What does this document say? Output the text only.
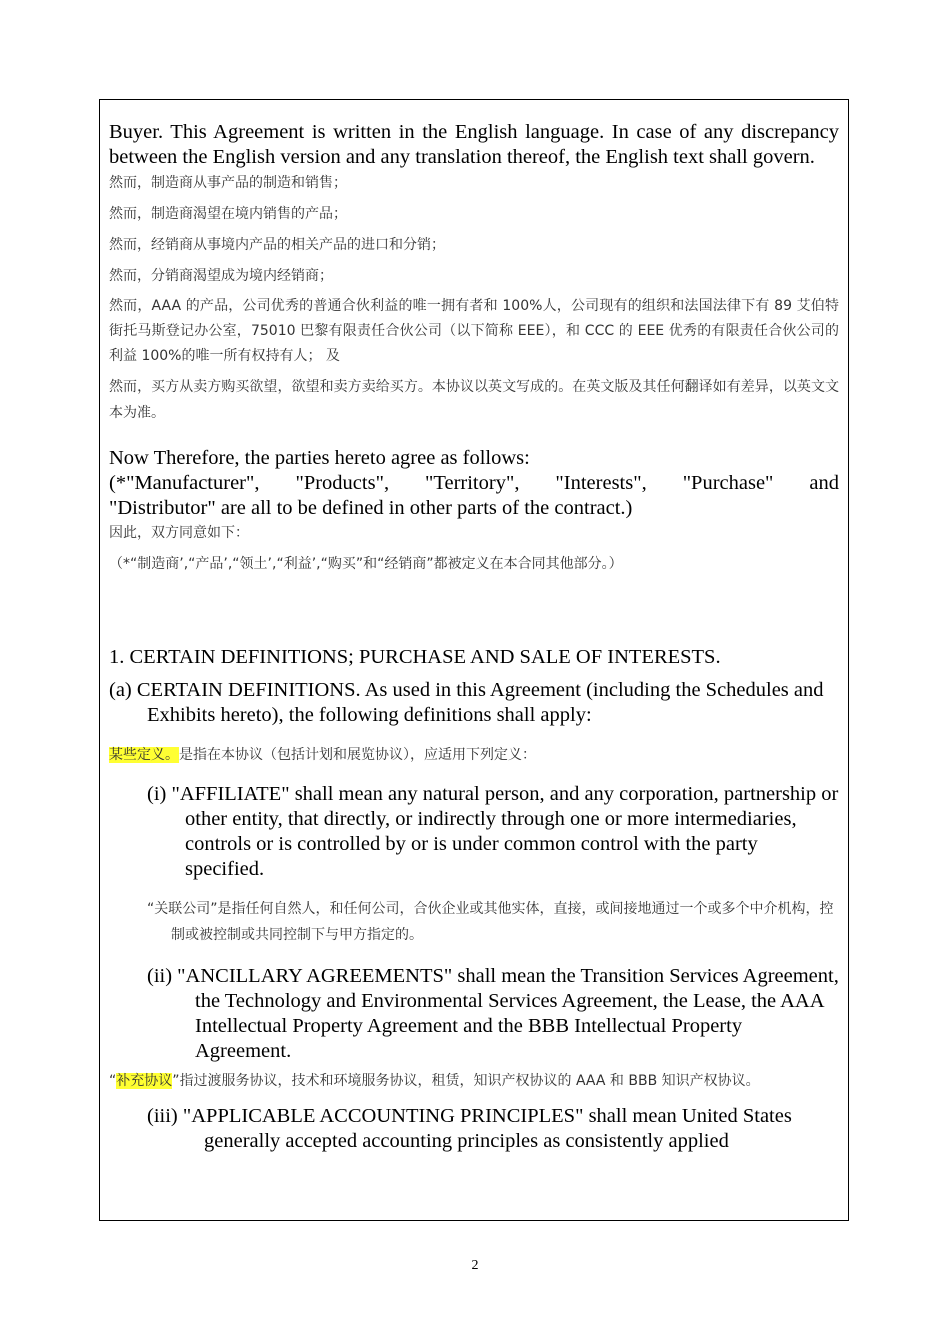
Buyer. This Agreement is written in the English language. In case of any discrepancy between the English version and any translation thereof, the English text shall govern.

然而，制造商从事产品的制造和销售；

然而，制造商渴望在境内销售的产品；

然而，经销商从事境内产品的相关产品的进口和分销；

然而，分销商渴望成为境内经销商；

然而，AAA 的产品，公司优秀的普通合伙利益的唯一拥有者和 100%人，公司现有的组织和法国法律下有 89 艾伯特街托马斯登记办公室，75010 巴黎有限责任合伙公司（以下简称 EEE），和 CCC 的 EEE 优秀的有限责任合伙公司的利益 100%的唯一所有权持有人； 及

然而，买方从卖方购买欲望，欲望和卖方卖给买方。本协议以英文写成的。在英文版及其任何翻译如有差异，以英文文本为准。

Now Therefore, the parties hereto agree as follows:

(*"Manufacturer", "Products", "Territory", "Interests", "Purchase" and

"Distributor" are all to be defined in other parts of the contract.)

因此，双方同意如下：

（*“制造商’,“产品’,“领土’,“利益’,“购买”和“经销商”都被定义在本合同其他部分。）

1. CERTAIN DEFINITIONS; PURCHASE AND SALE OF INTERESTS.

(a) CERTAIN DEFINITIONS. As used in this Agreement (including the Schedules and Exhibits hereto), the following definitions shall apply:

某些定义。是指在本协议（包括计划和展览协议），应适用下列定义：

(i) "AFFILIATE" shall mean any natural person, and any corporation, partnership or other entity, that directly, or indirectly through one or more intermediaries, controls or is controlled by or is under common control with the party specified.

“关联公司”是指任何自然人，和任何公司，合伙企业或其他实体，直接，或间接地通过一个或多个中介机构，控制或被控制或共同控制下与甲方指定的。

(ii) "ANCILLARY AGREEMENTS" shall mean the Transition Services Agreement, the Technology and Environmental Services Agreement, the Lease, the AAA Intellectual Property Agreement and the BBB Intellectual Property Agreement.

“补充协议”指过渡服务协议，技术和环境服务协议，租赁，知识产权协议的 AAA 和 BBB 知识产权协议。

(iii) "APPLICABLE ACCOUNTING PRINCIPLES" shall mean United States generally accepted accounting principles as consistently applied

2
